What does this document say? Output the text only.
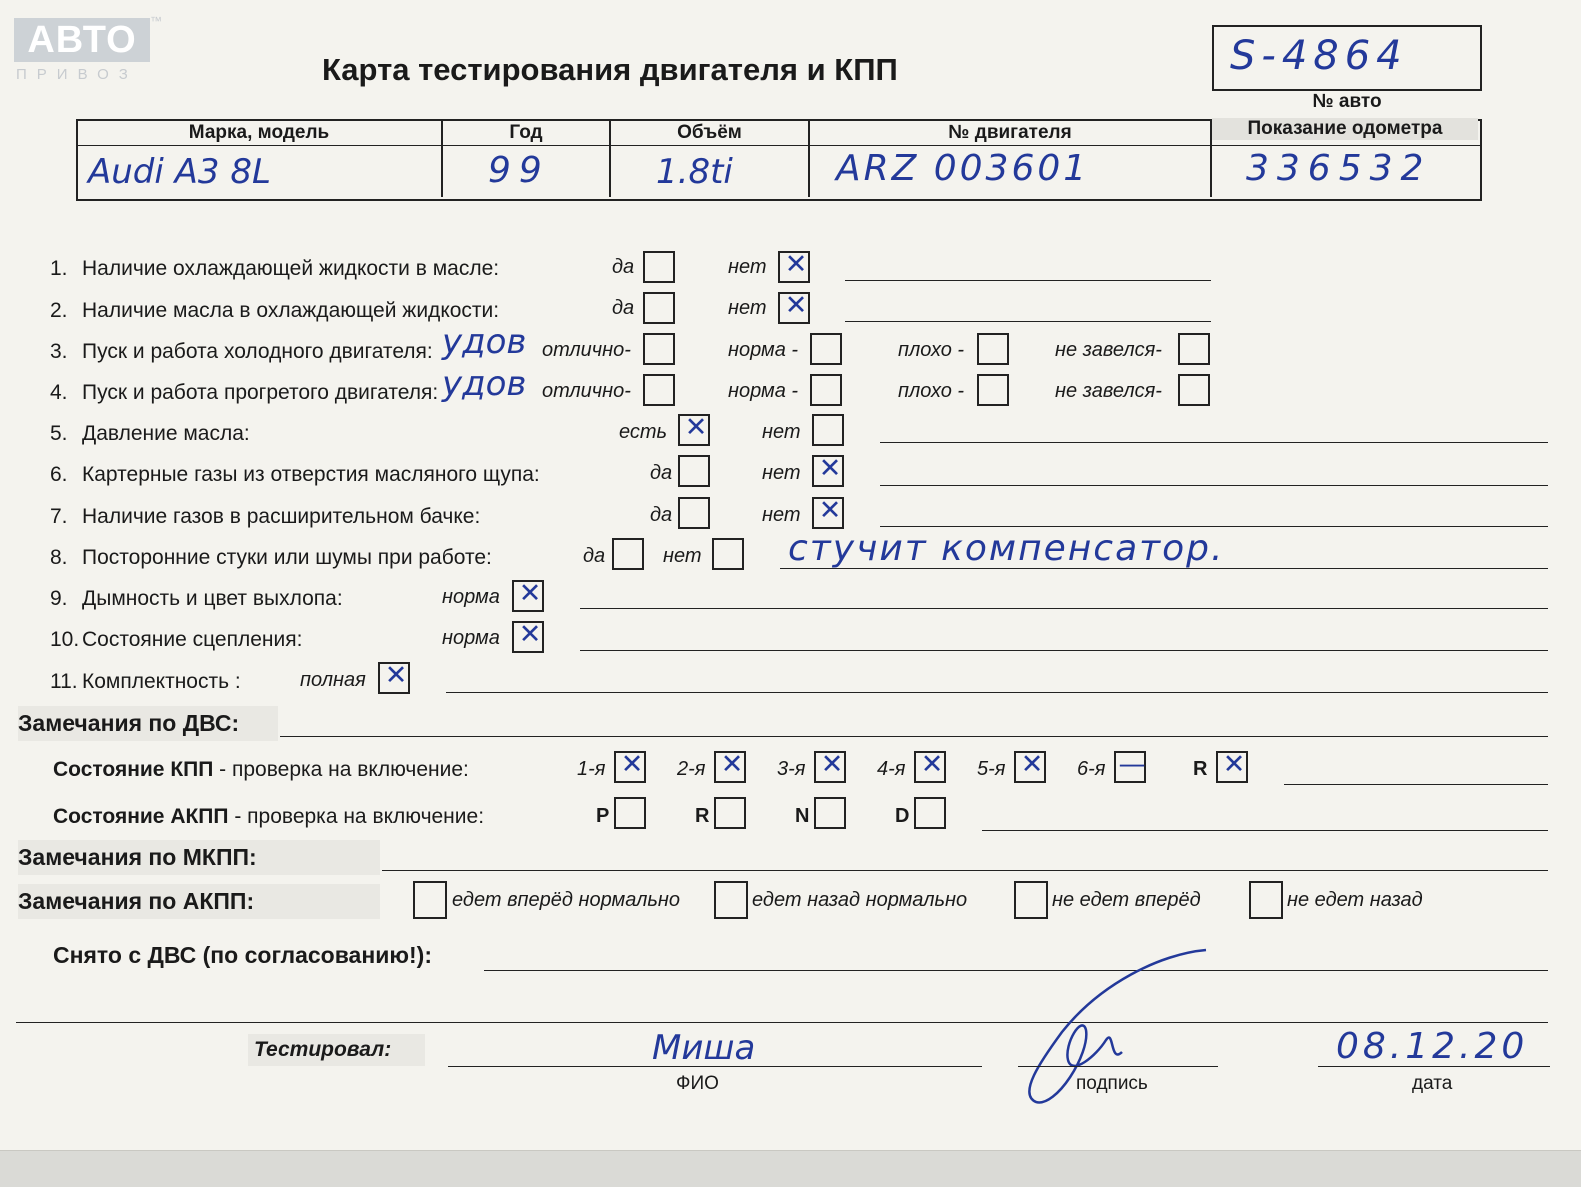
АВТО	™
ПРИВОЗ	Карта тестирования двигателя и КПП	S-4864
№ авто
Марка, модель	Год	Объём	№ двигателя	Показание одометра
Audi A3 8L	99	1.8ti	ARZ 003601	336532
1. Наличие охлаждающей жидкости в масле:	да	нет ✕
2. Наличие масла в охлаждающей жидкости:	да	нет ✕
3. Пуск и работа холодного двигателя: удов отлично-	норма -	плохо -	не завелся-
4. Пуск и работа прогретого двигателя: удов отлично-	норма -	плохо -	не завелся-
5. Давление масла:	есть ✕	нет
6. Картерные газы из отверстия масляного щупа:	да	нет ✕
7. Наличие газов в расширительном бачке:	да	нет ✕
8. Посторонние стуки или шумы при работе:	да	нет стучит компенсатор.
9. Дымность и цвет выхлопа:	норма ✕
10. Состояние сцепления:	норма ✕
11. Комплектность :	полная ✕
Замечания по ДВС:
Состояние КПП - проверка на включение:	1-я ✕ 2-я ✕ 3-я ✕ 4-я ✕ 5-я ✕ 6-я — R ✕
Состояние АКПП - проверка на включение:	P	R	N	D
Замечания по МКПП:
Замечания по АКПП:	едет вперёд нормально	едет назад нормально	не едет вперёд	не едет назад
Снято с ДВС (по согласованию!):
Тестировал:	Миша
ФИО	подпись
08.12.20
дата
